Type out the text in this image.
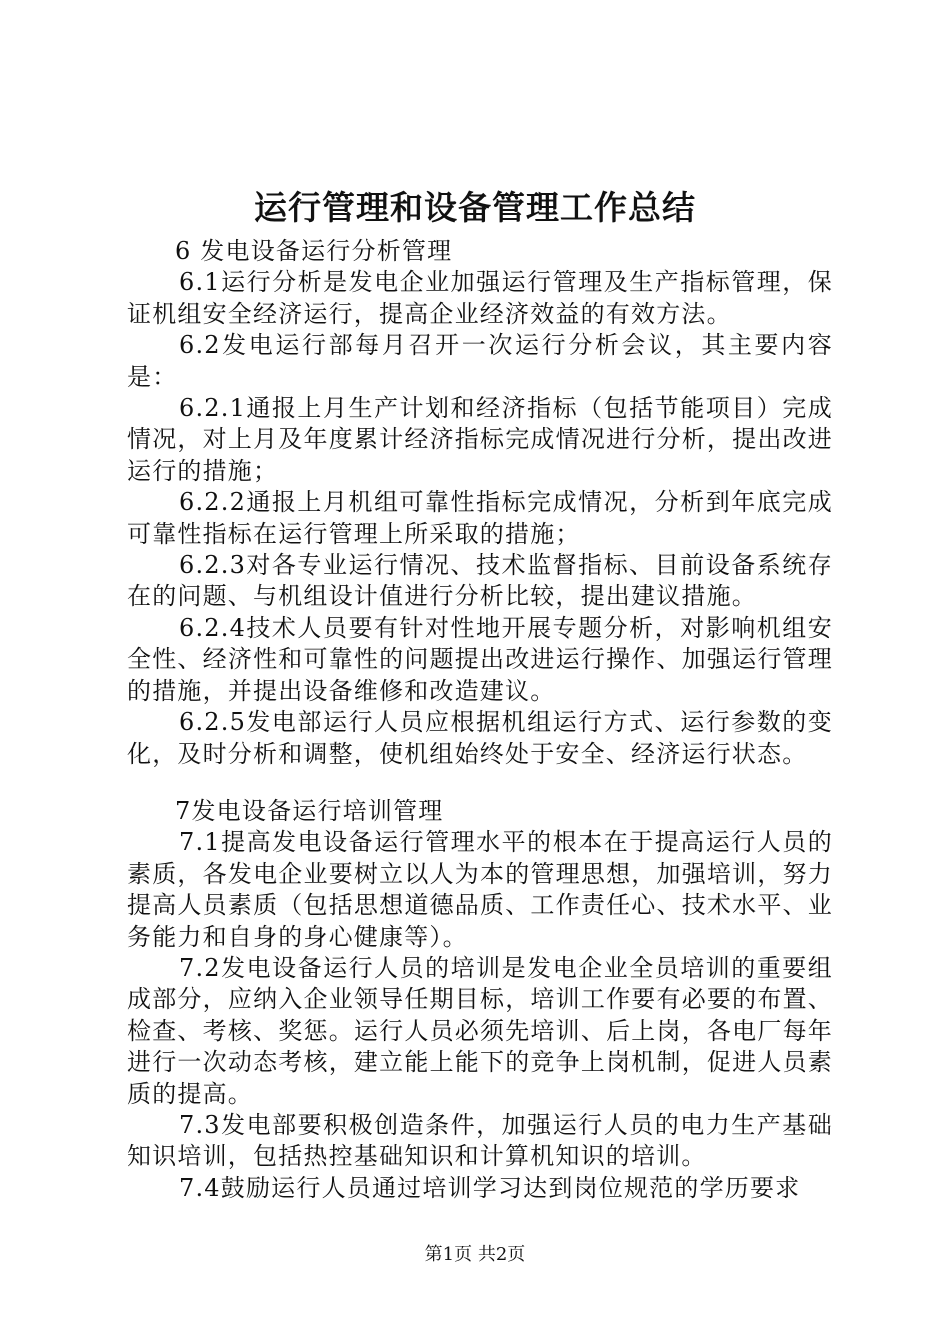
运行管理和设备管理工作总结

6 发电设备运行分析管理

6.1运行分析是发电企业加强运行管理及生产指标管理，保证机组安全经济运行，提高企业经济效益的有效方法。

6.2发电运行部每月召开一次运行分析会议，其主要内容是：

6.2.1通报上月生产计划和经济指标（包括节能项目）完成情况，对上月及年度累计经济指标完成情况进行分析，提出改进运行的措施；

6.2.2通报上月机组可靠性指标完成情况，分析到年底完成可靠性指标在运行管理上所采取的措施；

6.2.3对各专业运行情况、技术监督指标、目前设备系统存在的问题、与机组设计值进行分析比较，提出建议措施。

6.2.4技术人员要有针对性地开展专题分析，对影响机组安全性、经济性和可靠性的问题提出改进运行操作、加强运行管理的措施，并提出设备维修和改造建议。

6.2.5发电部运行人员应根据机组运行方式、运行参数的变化，及时分析和调整，使机组始终处于安全、经济运行状态。

7发电设备运行培训管理

7.1提高发电设备运行管理水平的根本在于提高运行人员的素质，各发电企业要树立以人为本的管理思想，加强培训，努力提高人员素质（包括思想道德品质、工作责任心、技术水平、业务能力和自身的身心健康等）。

7.2发电设备运行人员的培训是发电企业全员培训的重要组成部分，应纳入企业领导任期目标，培训工作要有必要的布置、检查、考核、奖惩。运行人员必须先培训、后上岗，各电厂每年进行一次动态考核，建立能上能下的竞争上岗机制，促进人员素质的提高。

7.3发电部要积极创造条件，加强运行人员的电力生产基础知识培训，包括热控基础知识和计算机知识的培训。

7.4鼓励运行人员通过培训学习达到岗位规范的学历要求

第1页 共2页
